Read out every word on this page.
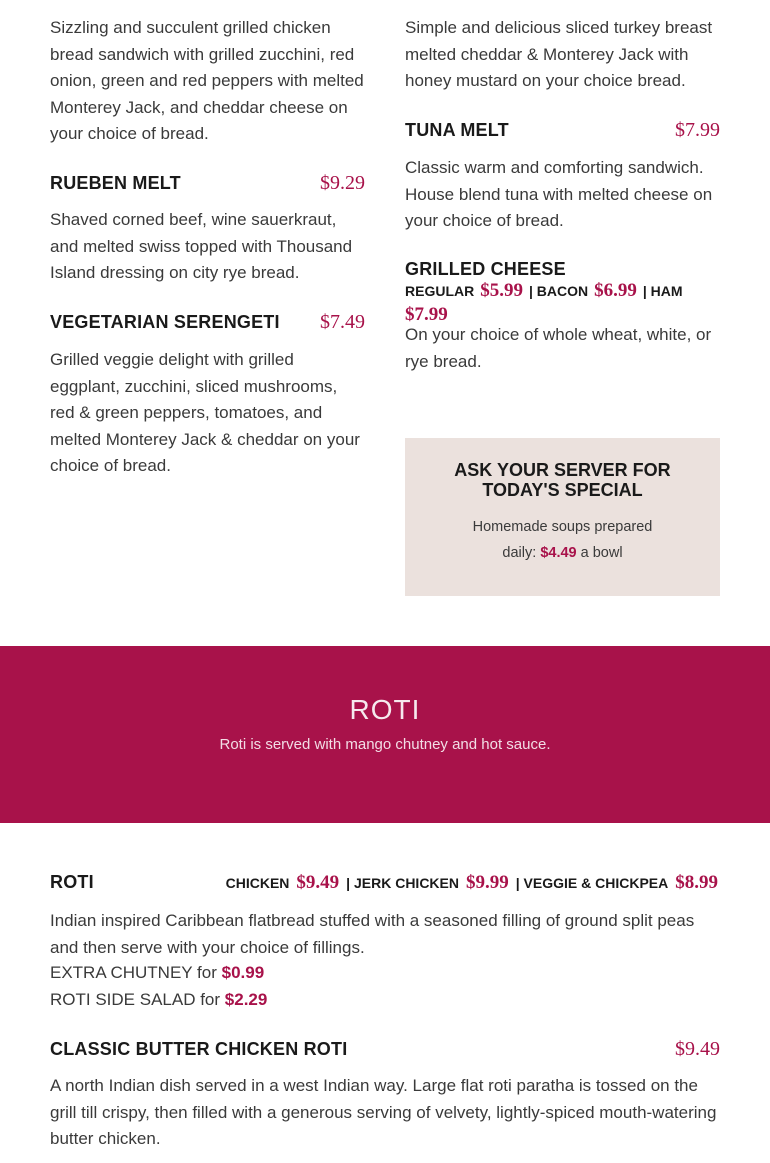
Sizzling and succulent grilled chicken bread sandwich with grilled zucchini, red onion, green and red peppers with melted Monterey Jack, and cheddar cheese on your choice of bread.

RUEBEN MELT	$9.29

Shaved corned beef, wine sauerkraut, and melted swiss topped with Thousand Island dressing on city rye bread.

VEGETARIAN SERENGETI $7.49

Grilled veggie delight with grilled eggplant, zucchini, sliced mushrooms, red & green peppers, tomatoes, and melted Monterey Jack & cheddar on your choice of bread.

Simple and delicious sliced turkey breast melted cheddar & Monterey Jack with honey mustard on your choice bread.

TUNA MELT	$7.99

Classic warm and comforting sandwich. House blend tuna with melted cheese on your choice of bread.

GRILLED CHEESE
REGULAR $5.99 | BACON $6.99 | HAM
$7.99

On your choice of whole wheat, white, or rye bread.

ASK YOUR SERVER FOR
TODAY'S SPECIAL
Homemade soups prepared
daily: $4.49 a bowl
ROTI
Roti is served with mango chutney and hot sauce.
ROTI	CHICKEN $9.49 | JERK CHICKEN $9.99 | VEGGIE & CHICKPEA $8.99

Indian inspired Caribbean flatbread stuffed with a seasoned filling of ground split peas and then serve with your choice of fillings.

EXTRA CHUTNEY for $0.99
ROTI SIDE SALAD for $2.29
CLASSIC BUTTER CHICKEN ROTI	$9.49

A north Indian dish served in a west Indian way. Large flat roti paratha is tossed on the grill till crispy, then filled with a generous serving of velvety, lightly-spiced mouth-watering butter chicken.
